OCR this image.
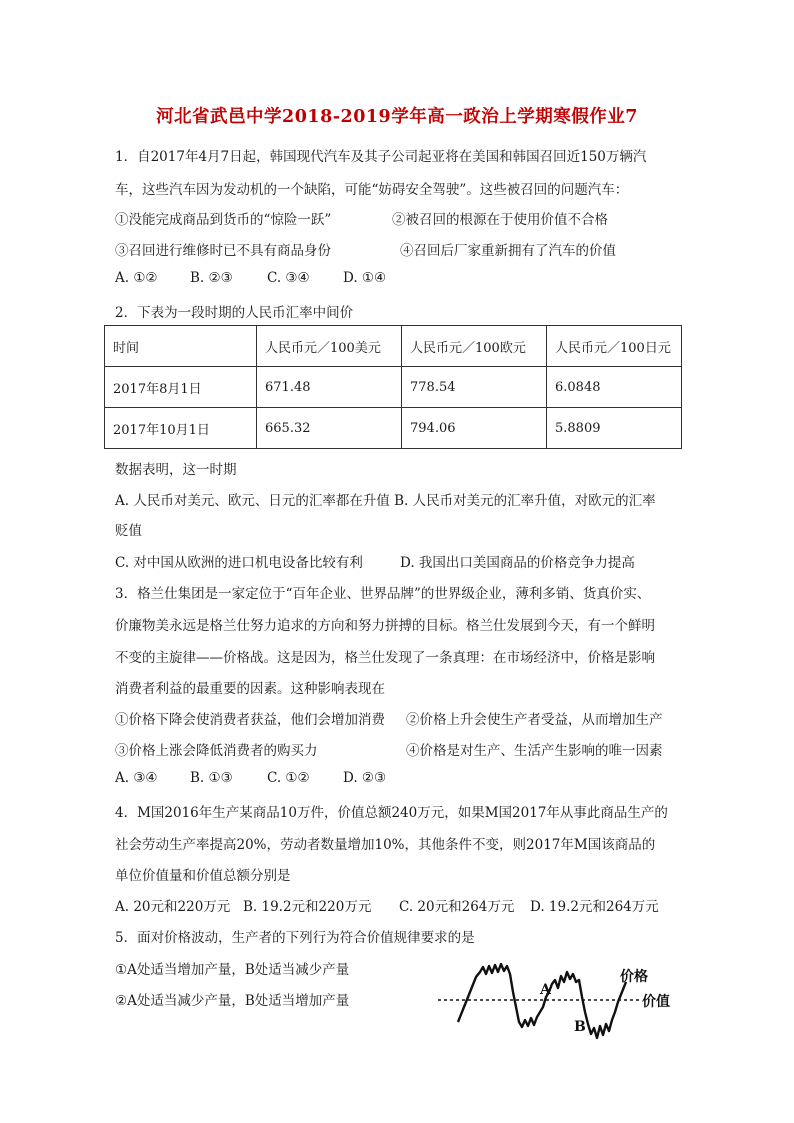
河北省武邑中学2018-2019学年高一政治上学期寒假作业7
1．自2017年4月7日起，韩国现代汽车及其子公司起亚将在美国和韩国召回近150万辆汽
车，这些汽车因为发动机的一个缺陷，可能“妨碍安全驾驶”。这些被召回的问题汽车：
①没能完成商品到货币的“惊险一跃”	②被召回的根源在于使用价值不合格
③召回进行维修时已不具有商品身份	④召回后厂家重新拥有了汽车的价值
A. ①② B. ②③	C. ③④ D. ①④
2．下表为一段时期的人民币汇率中间价
时间	人民币元／100美元	人民币元／100欧元	人民币元／100日元
2017年8月1日	671.48	778.54	6.0848
2017年10月1日	665.32	794.06	5.8809
数据表明，这一时期
A. 人民币对美元、欧元、日元的汇率都在升值 B. 人民币对美元的汇率升值，对欧元的汇率
贬值
C. 对中国从欧洲的进口机电设备比较有利	D. 我国出口美国商品的价格竞争力提高
3．格兰仕集团是一家定位于“百年企业、世界品牌”的世界级企业，薄利多销、货真价实、
价廉物美永远是格兰仕努力追求的方向和努力拼搏的目标。格兰仕发展到今天，有一个鲜明
不变的主旋律——价格战。这是因为，格兰仕发现了一条真理：在市场经济中，价格是影响
消费者利益的最重要的因素。这种影响表现在
①价格下降会使消费者获益，他们会增加消费 ②价格上升会使生产者受益，从而增加生产
③价格上涨会降低消费者的购买力	④价格是对生产、生活产生影响的唯一因素
A. ③④ B. ①③	C. ①② D. ②③
4．M国2016年生产某商品10万件，价值总额240万元，如果M国2017年从事此商品生产的
社会劳动生产率提高20%，劳动者数量增加10%，其他条件不变，则2017年M国该商品的
单位价值量和价值总额分别是
A. 20元和220万元 B. 19.2元和220万元 C. 20元和264万元 D. 19.2元和264万元
5．面对价格波动，生产者的下列行为符合价值规律要求的是
①A处适当增加产量，B处适当减少产量
②A处适当减少产量，B处适当增加产量
A
B
价格
价值
